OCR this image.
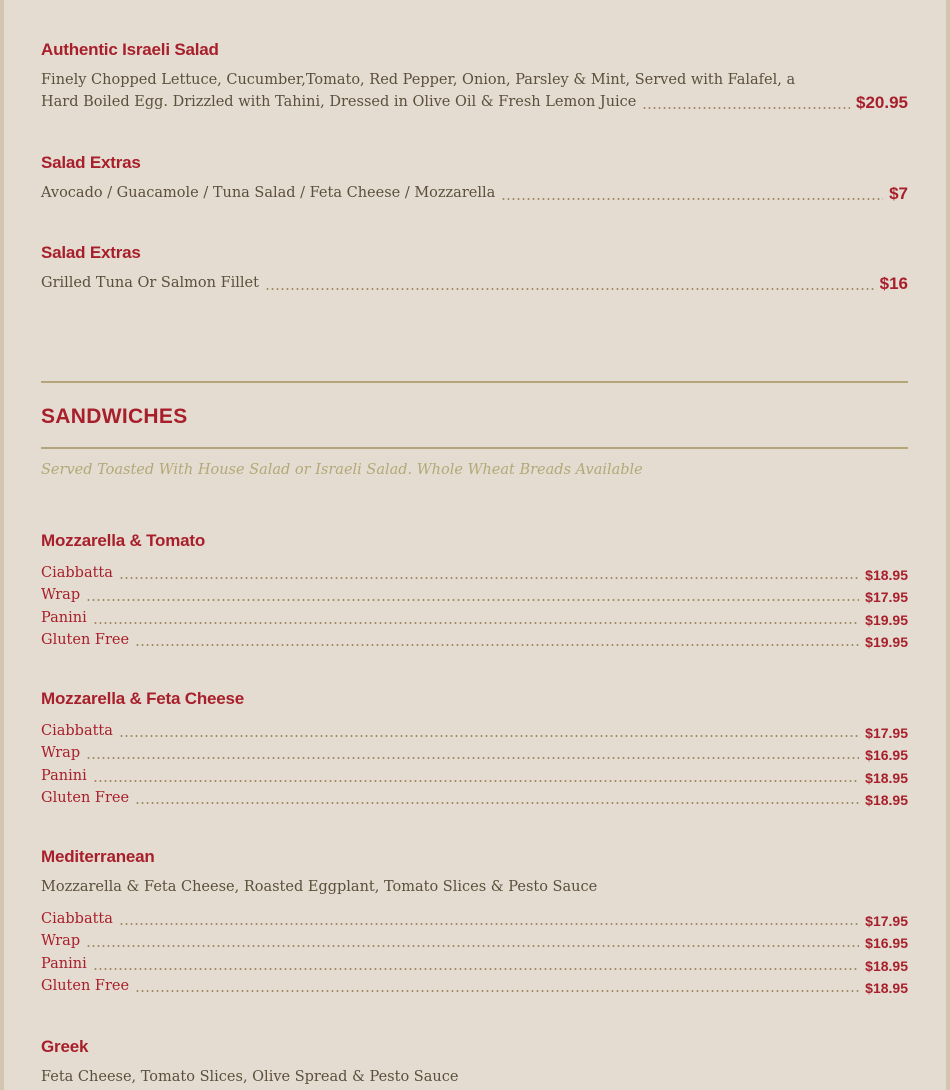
Authentic Israeli Salad
Finely Chopped Lettuce, Cucumber,Tomato, Red Pepper, Onion, Parsley & Mint, Served with Falafel, a
Hard Boiled Egg. Drizzled with Tahini, Dressed in Olive Oil & Fresh Lemon Juice	$20.95
Salad Extras
Avocado / Guacamole / Tuna Salad / Feta Cheese / Mozzarella	$7
Salad Extras
Grilled Tuna Or Salmon Fillet	$16
SANDWICHES
Served Toasted With House Salad or Israeli Salad. Whole Wheat Breads Available
Mozzarella & Tomato
Ciabbatta	$18.95
Wrap	$17.95
Panini	$19.95
Gluten Free	$19.95
Mozzarella & Feta Cheese
Ciabbatta	$17.95
Wrap	$16.95
Panini	$18.95
Gluten Free	$18.95
Mediterranean
Mozzarella & Feta Cheese, Roasted Eggplant, Tomato Slices & Pesto Sauce
Ciabbatta	$17.95
Wrap	$16.95
Panini	$18.95
Gluten Free	$18.95
Greek
Feta Cheese, Tomato Slices, Olive Spread & Pesto Sauce
